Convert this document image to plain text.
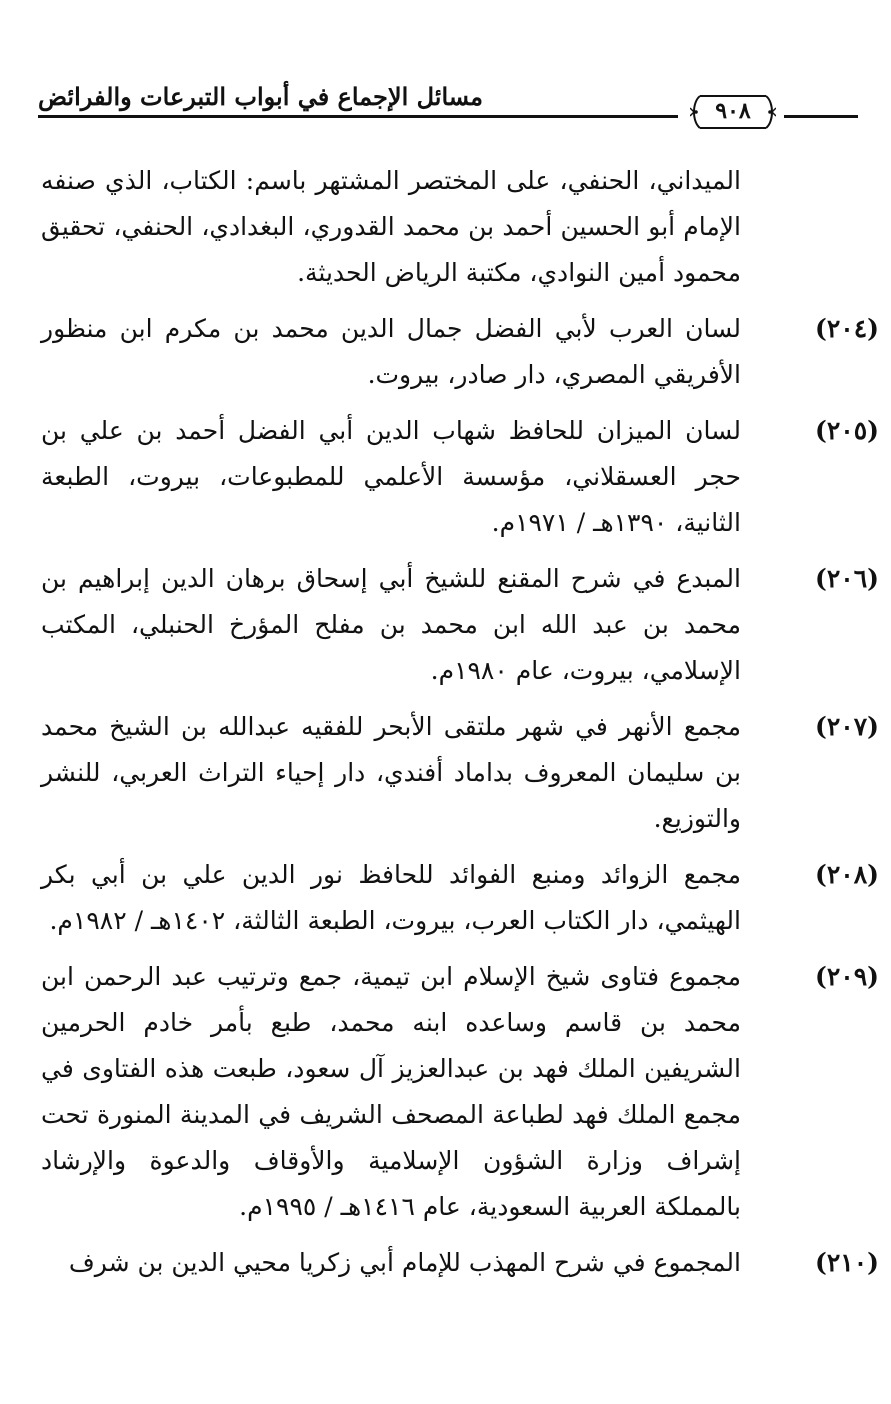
٩٠٨
مسائل الإجماع في أبواب التبرعات والفرائض

الميداني، الحنفي، على المختصر المشتهر باسم: الكتاب، الذي صنفه الإمام أبو الحسين أحمد بن محمد القدوري، البغدادي، الحنفي، تحقيق محمود أمين النوادي، مكتبة الرياض الحديثة.

(٢٠٤)
لسان العرب لأبي الفضل جمال الدين محمد بن مكرم ابن منظور الأفريقي المصري، دار صادر، بيروت.
(٢٠٥)
لسان الميزان للحافظ شهاب الدين أبي الفضل أحمد بن علي بن حجر العسقلاني، مؤسسة الأعلمي للمطبوعات، بيروت، الطبعة الثانية، ١٣٩٠هـ / ١٩٧١م.
(٢٠٦)
المبدع في شرح المقنع للشيخ أبي إسحاق برهان الدين إبراهيم بن محمد بن عبد الله ابن محمد بن مفلح المؤرخ الحنبلي، المكتب الإسلامي، بيروت، عام ١٩٨٠م.
(٢٠٧)
مجمع الأنهر في شهر ملتقى الأبحر للفقيه عبدالله بن الشيخ محمد بن سليمان المعروف بداماد أفندي، دار إحياء التراث العربي، للنشر والتوزيع.
(٢٠٨)
مجمع الزوائد ومنبع الفوائد للحافظ نور الدين علي بن أبي بكر الهيثمي، دار الكتاب العرب، بيروت، الطبعة الثالثة، ١٤٠٢هـ / ١٩٨٢م.
(٢٠٩)
مجموع فتاوى شيخ الإسلام ابن تيمية، جمع وترتيب عبد الرحمن ابن محمد بن قاسم وساعده ابنه محمد، طبع بأمر خادم الحرمين الشريفين الملك فهد بن عبدالعزيز آل سعود، طبعت هذه الفتاوى في مجمع الملك فهد لطباعة المصحف الشريف في المدينة المنورة تحت إشراف وزارة الشؤون الإسلامية والأوقاف والدعوة والإرشاد بالمملكة العربية السعودية، عام ١٤١٦هـ / ١٩٩٥م.
(٢١٠)
المجموع في شرح المهذب للإمام أبي زكريا محيي الدين بن شرف
